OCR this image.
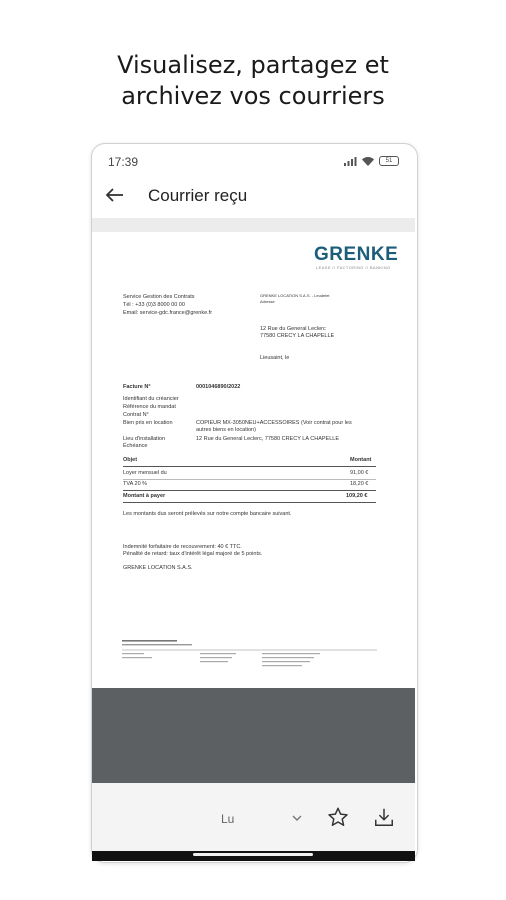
Visualisez, partagez et
archivez vos courriers
17:39	51
Courrier reçu
GRENKE
LEASE // FACTORING // BANKING
Service Gestion des Contrats
Tél : +33 (0)3 8000 00 00
Email: service-gdc.france@grenke.fr
GRENKE LOCATION S.A.S. - Leudelet
Adresse
12 Rue du General Leclerc
77580 CRECY LA CHAPELLE
Lieusaint, le
Facture N°	0001046890/2022
Identifiant du créancier
Référence du mandat
Contrat N°
Bien pris en location	COPIEUR MX-3050NEU+ACCESSOIRES (Voir contrat pour les
autres biens en location)
Lieu d'installation	12 Rue du General Leclerc, 77580 CRECY LA CHAPELLE
Échéance
Objet	Montant
Loyer mensuel du	91,00 €
TVA 20 %	18,20 €
Montant à payer	109,20 €
Les montants dus seront prélevés sur notre compte bancaire suivant.
Indemnité forfaitaire de recouvrement: 40 € TTC.
Pénalité de retard: taux d'intérêt légal majoré de 5 points.
GRENKE LOCATION S.A.S.
Lu
